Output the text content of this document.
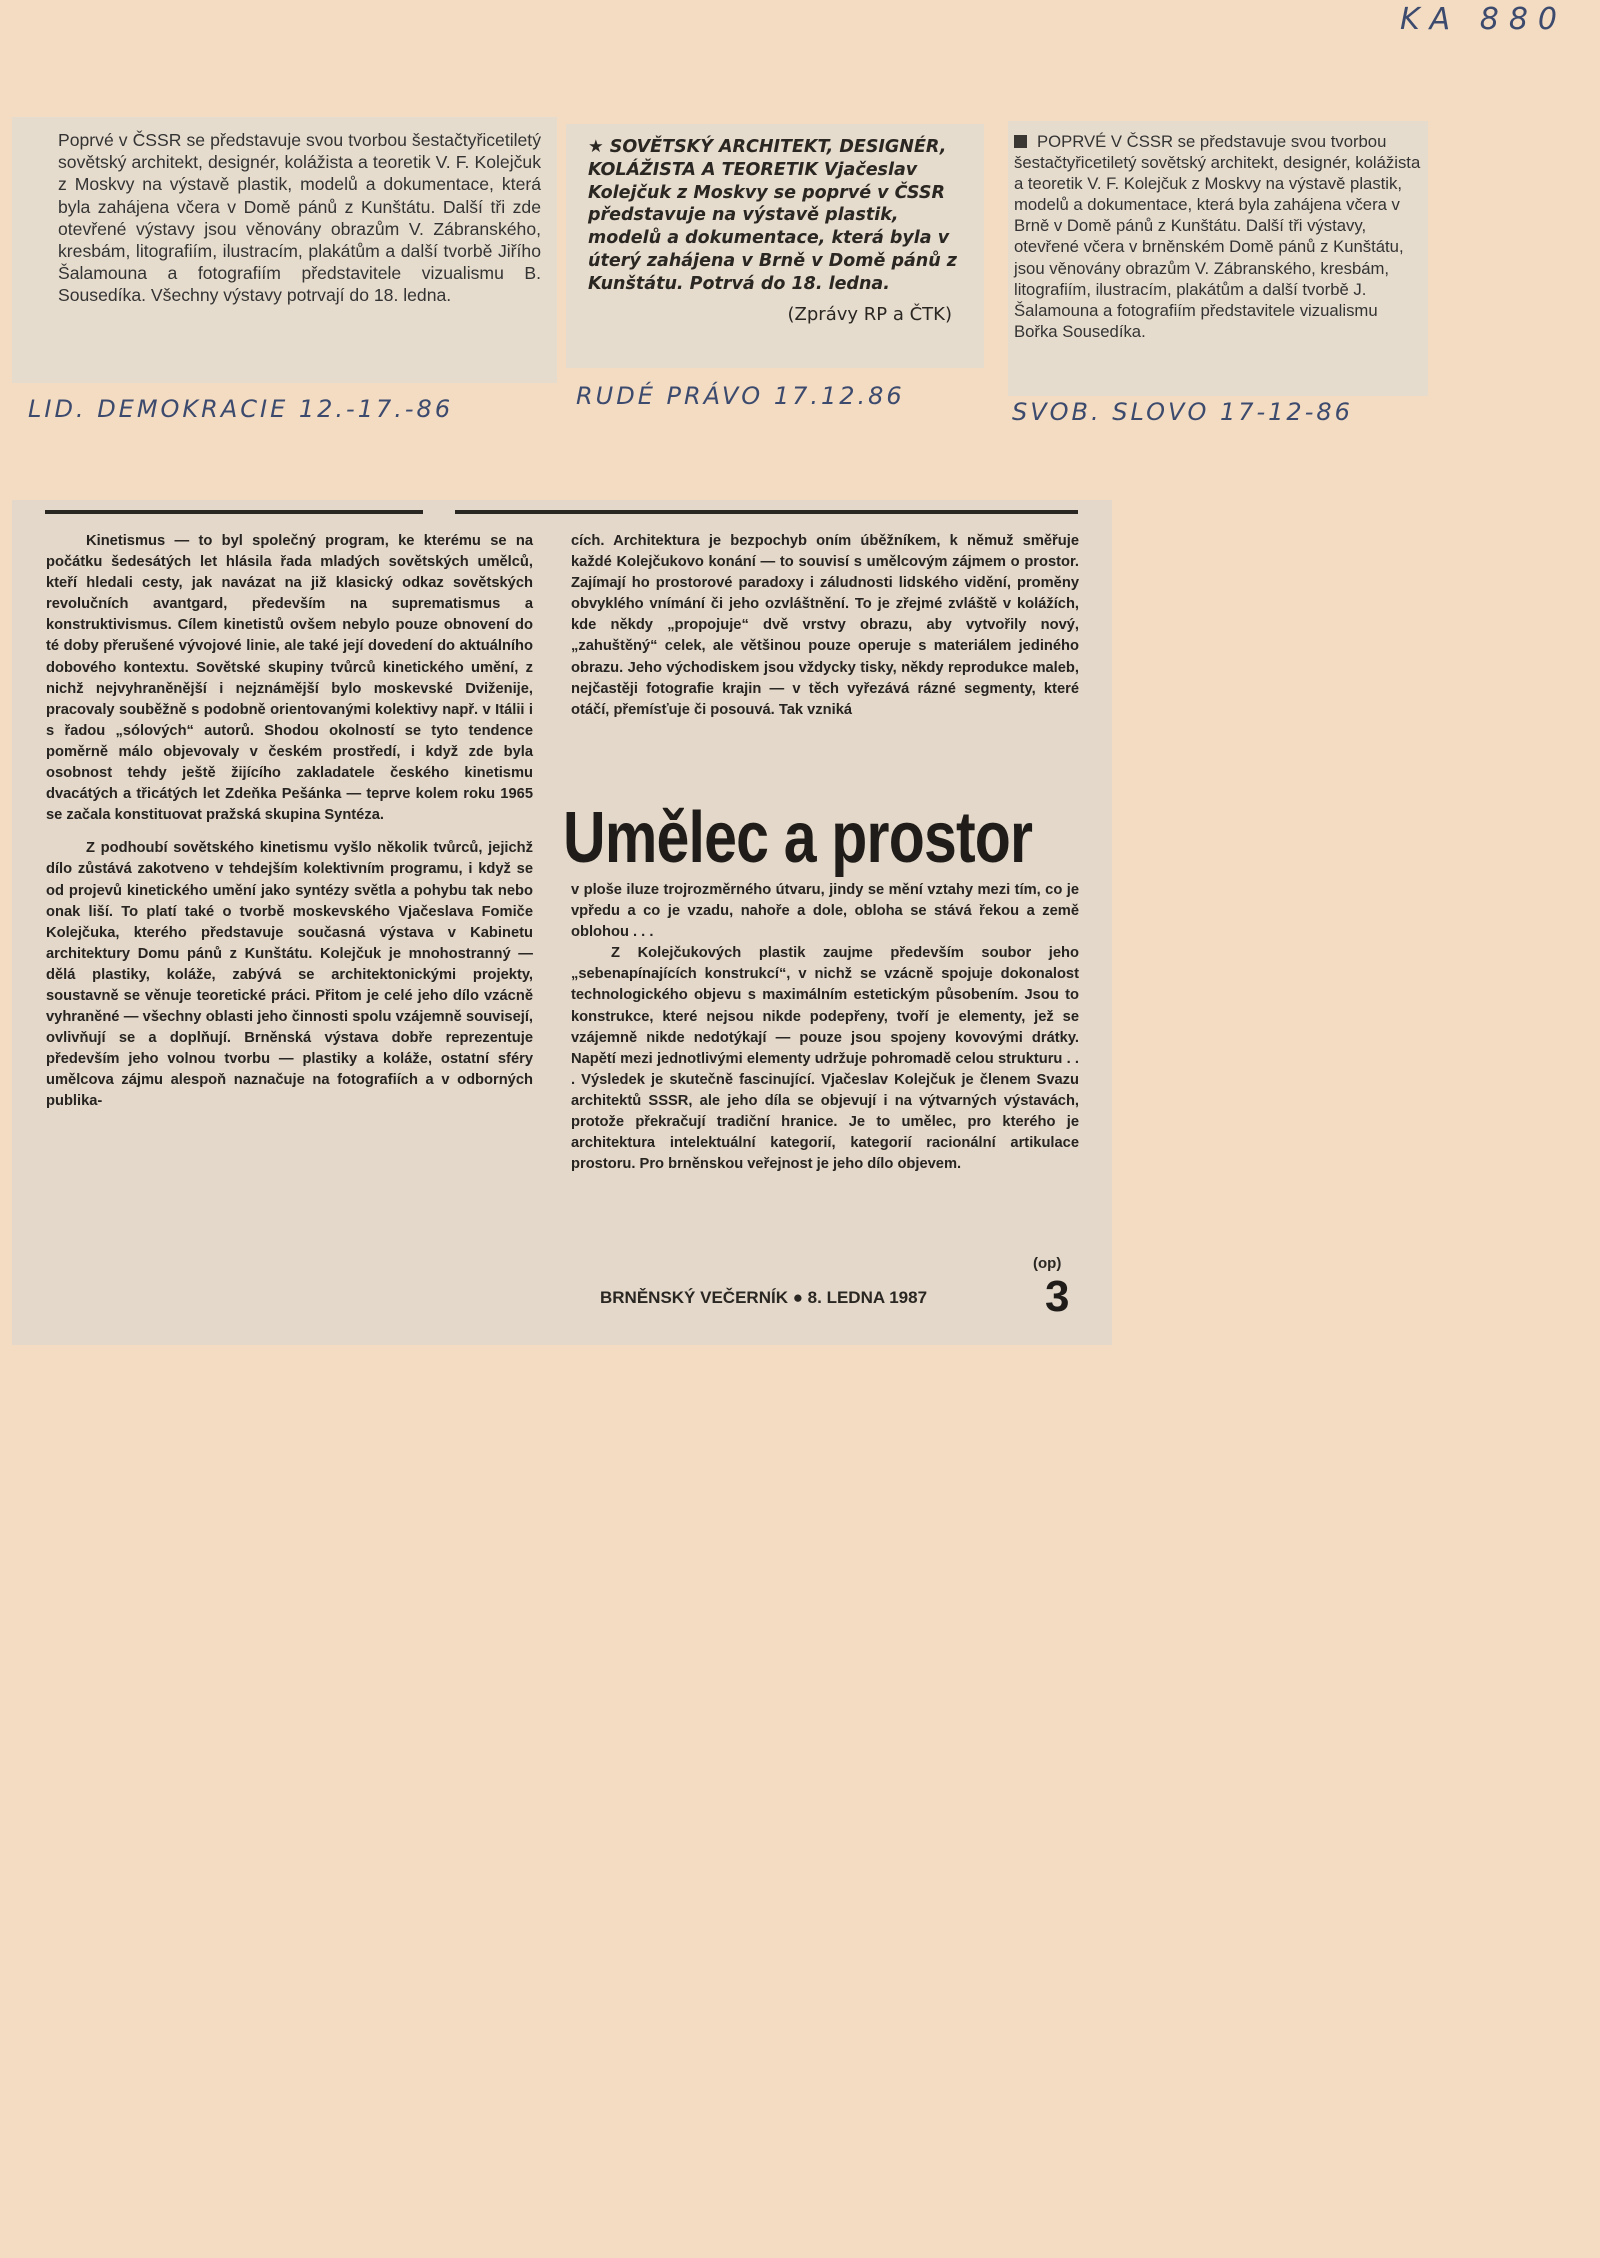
KA 880

Poprvé v ČSSR se představuje svou tvorbou šestačtyřicetiletý sovětský architekt, designér, kolážista a teoretik V. F. Kolejčuk z Moskvy na výstavě plastik, modelů a dokumentace, která byla zahájena včera v Domě pánů z Kunštátu. Další tři zde otevřené výstavy jsou věnovány obrazům V. Zábranského, kresbám, litografiím, ilustracím, plakátům a další tvorbě Jiřího Šalamouna a fotografiím představitele vizualismu B. Sousedíka. Všechny výstavy potrvají do 18. ledna.

LID. DEMOKRACIE 12.-17.-86

★ SOVĚTSKÝ ARCHITEKT, DESIGNÉR, KOLÁŽISTA A TEORETIK Vjačeslav Kolejčuk z Moskvy se poprvé v ČSSR představuje na výstavě plastik, modelů a dokumentace, která byla v úterý zahájena v Brně v Domě pánů z Kunštátu. Potrvá do 18. ledna.

(Zprávy RP a ČTK)

RUDÉ PRÁVO 17.12.86
POPRVÉ V ČSSR se představuje svou tvorbou šestačtyřicetiletý sovětský architekt, designér, kolážista a teoretik V. F. Kolejčuk z Moskvy na výstavě plastik, modelů a dokumentace, která byla zahájena včera v Brně v Domě pánů z Kunštátu. Další tři výstavy, otevřené včera v brněnském Domě pánů z Kunštátu, jsou věnovány obrazům V. Zábranského, kresbám, litografiím, ilustracím, plakátům a další tvorbě J. Šalamouna a fotografiím představitele vizualismu Bořka Sousedíka.
SVOB. SLOVO 17-12-86

Kinetismus — to byl společný program, ke kterému se na počátku šedesátých let hlásila řada mladých sovětských umělců, kteří hledali cesty, jak navázat na již klasický odkaz sovětských revolučních avantgard, především na suprematismus a konstruktivismus. Cílem kinetistů ovšem nebylo pouze obnovení do té doby přerušené vývojové linie, ale také její dovedení do aktuálního dobového kontextu. Sovětské skupiny tvůrců kinetického umění, z nichž nejvyhraněnější i nejznámější bylo moskevské Dviženije, pracovaly souběžně s podobně orientovanými kolektivy např. v Itálii i s řadou „sólových“ autorů. Shodou okolností se tyto tendence poměrně málo objevovaly v českém prostředí, i když zde byla osobnost tehdy ještě žijícího zakladatele českého kinetismu dvacátých a třicátých let Zdeňka Pešánka — teprve kolem roku 1965 se začala konstituovat pražská skupina Syntéza.

Z podhoubí sovětského kinetismu vyšlo několik tvůrců, jejichž dílo zůstává zakotveno v tehdejším kolektivním programu, i když se od projevů kinetického umění jako syntézy světla a pohybu tak nebo onak liší. To platí také o tvorbě moskevského Vjačeslava Fomiče Kolejčuka, kterého představuje současná výstava v Kabinetu architektury Domu pánů z Kunštátu. Kolejčuk je mnohostranný — dělá plastiky, koláže, zabývá se architektonickými projekty, soustavně se věnuje teoretické práci. Přitom je celé jeho dílo vzácně vyhraněné — všechny oblasti jeho činnosti spolu vzájemně souvisejí, ovlivňují se a doplňují. Brněnská výstava dobře reprezentuje především jeho volnou tvorbu — plastiky a koláže, ostatní sféry umělcova zájmu alespoň naznačuje na fotografiích a v odborných publika-

cích. Architektura je bezpochyb oním úběžníkem, k němuž směřuje každé Kolejčukovo konání — to souvisí s umělcovým zájmem o prostor. Zajímají ho prostorové paradoxy i záludnosti lidského vidění, proměny obvyklého vnímání či jeho ozvláštnění. To je zřejmé zvláště v kolážích, kde někdy „propojuje“ dvě vrstvy obrazu, aby vytvořily nový, „zahuštěný“ celek, ale většinou pouze operuje s materiálem jediného obrazu. Jeho východiskem jsou vždycky tisky, někdy reprodukce maleb, nejčastěji fotografie krajin — v těch vyřezává rázné segmenty, které otáčí, přemísťuje či posouvá. Tak vzniká

Umělec a prostor

v ploše iluze trojrozměrného útvaru, jindy se mění vztahy mezi tím, co je vpředu a co je vzadu, nahoře a dole, obloha se stává řekou a země oblohou . . .

Z Kolejčukových plastik zaujme především soubor jeho „sebenapínajících konstrukcí“, v nichž se vzácně spojuje dokonalost technologického objevu s maximálním estetickým působením. Jsou to konstrukce, které nejsou nikde podepřeny, tvoří je elementy, jež se vzájemně nikde nedotýkají — pouze jsou spojeny kovovými drátky. Napětí mezi jednotlivými elementy udržuje pohromadě celou strukturu . . . Výsledek je skutečně fascinující. Vjačeslav Kolejčuk je členem Svazu architektů SSSR, ale jeho díla se objevují i na výtvarných výstavách, protože překračují tradiční hranice. Je to umělec, pro kterého je architektura intelektuální kategorií, kategorií racionální artikulace prostoru. Pro brněnskou veřejnost je jeho dílo objevem.

(op)
BRNĚNSKÝ VEČERNÍK ● 8. LEDNA 1987	3
